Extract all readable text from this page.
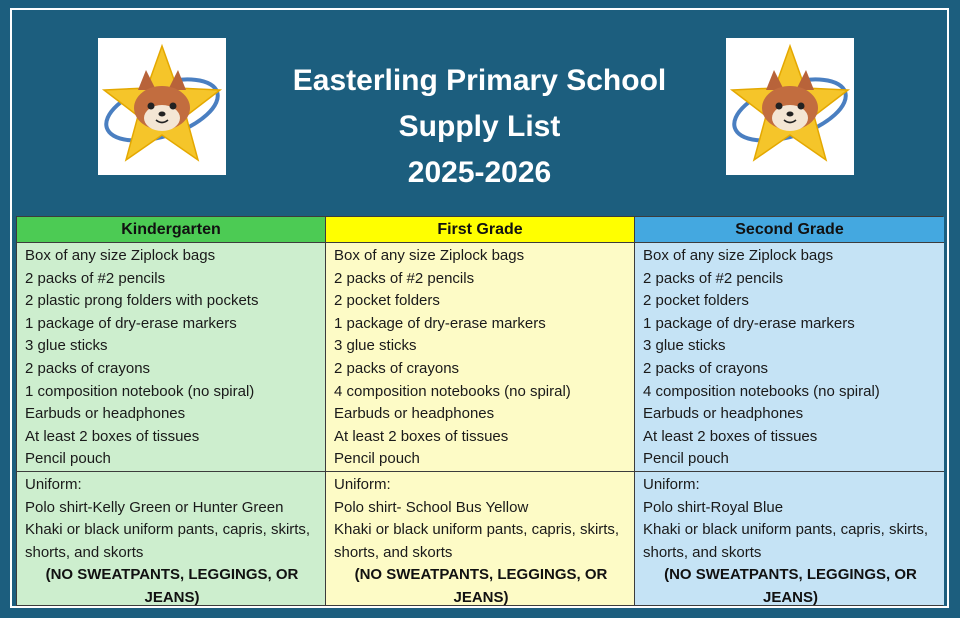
Easterling Primary School
Supply List
2025-2026
Kindergarten
Box of any size Ziplock bags
2 packs of #2 pencils
2 plastic prong folders with pockets
1 package of dry-erase markers
3 glue sticks
2 packs of crayons
1 composition notebook (no spiral)
Earbuds or headphones
At least 2 boxes of tissues
Pencil pouch
Uniform:
Polo shirt-Kelly Green or Hunter Green
Khaki or black uniform pants, capris, skirts, shorts, and skorts
(NO SWEATPANTS, LEGGINGS, OR JEANS)
First Grade
Box of any size Ziplock bags
2 packs of #2 pencils
2 pocket folders
1 package of dry-erase markers
3 glue sticks
2 packs of crayons
4 composition notebooks (no spiral)
Earbuds or headphones
At least 2 boxes of tissues
Pencil pouch
Uniform:
Polo shirt- School Bus Yellow
Khaki or black uniform pants, capris, skirts, shorts, and skorts
(NO SWEATPANTS, LEGGINGS, OR JEANS)
Second Grade
Box of any size Ziplock bags
2 packs of #2 pencils
2 pocket folders
1 package of dry-erase markers
3 glue sticks
2 packs of crayons
4 composition notebooks (no spiral)
Earbuds or headphones
At least 2 boxes of tissues
Pencil pouch
Uniform:
Polo shirt-Royal Blue
Khaki or black uniform pants, capris, skirts, shorts, and skorts
(NO SWEATPANTS, LEGGINGS, OR JEANS)
